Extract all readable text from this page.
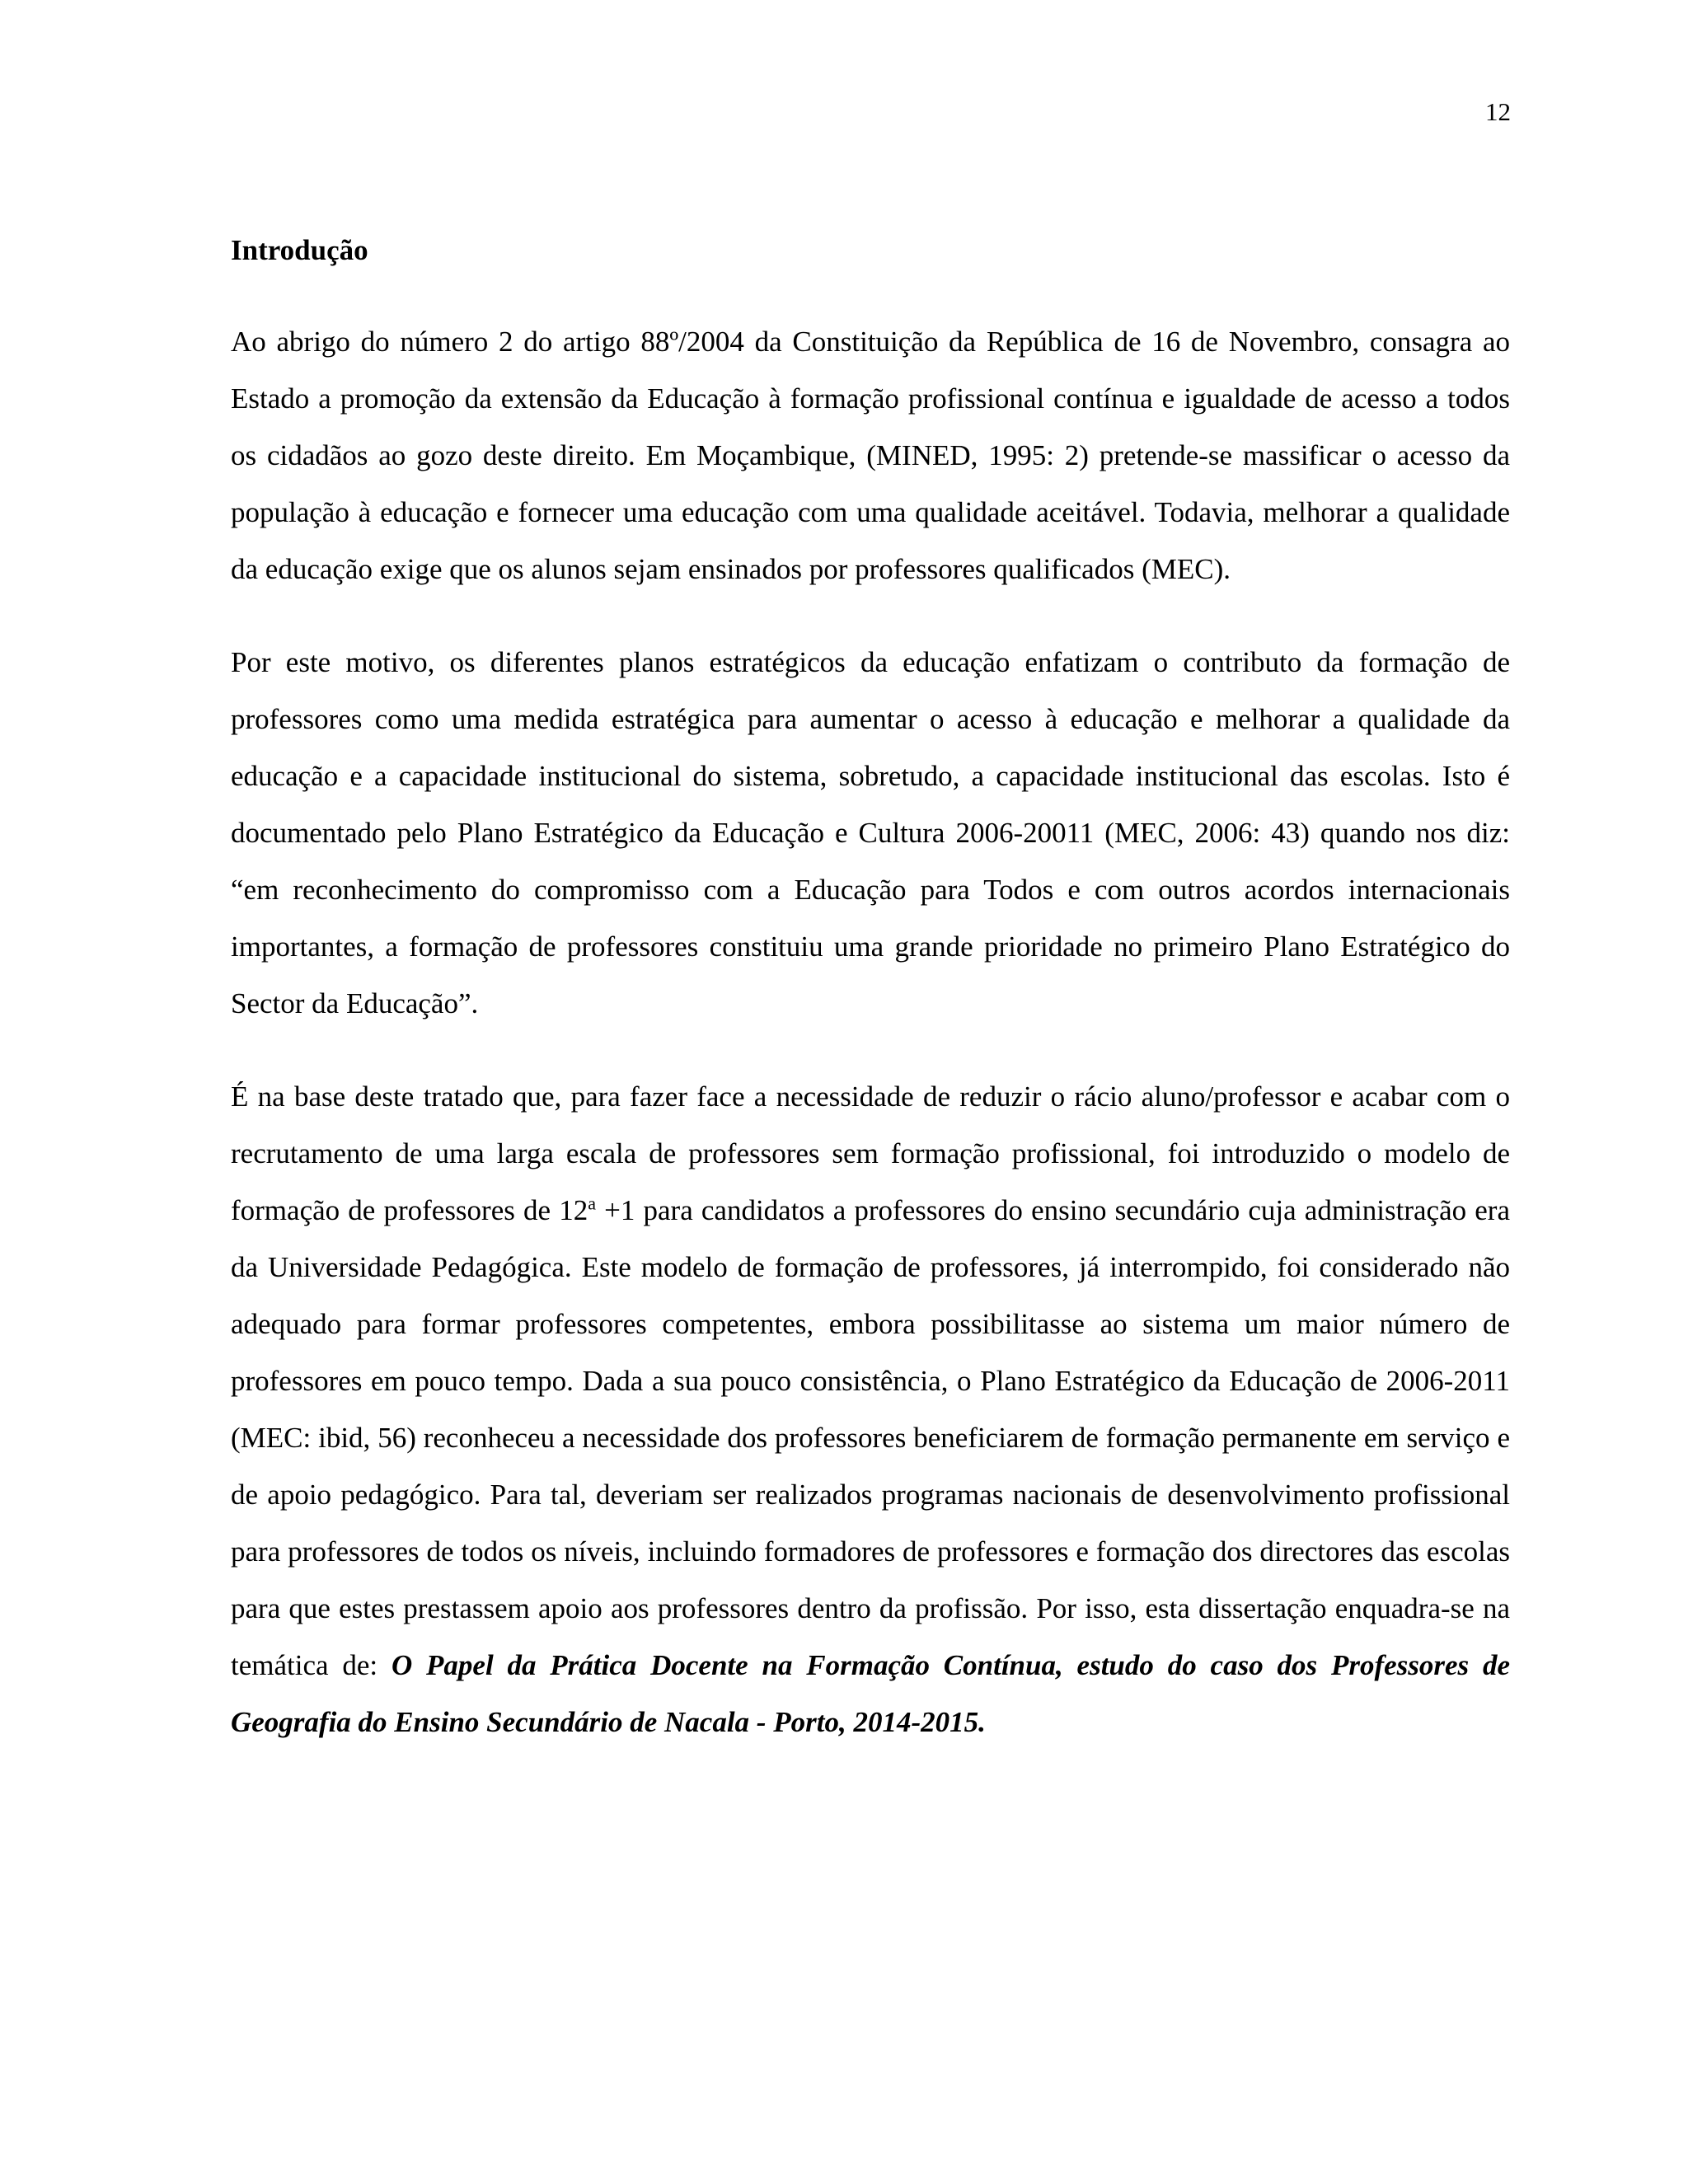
12
Introdução

Ao abrigo do número 2 do artigo 88º/2004 da Constituição da República de 16 de Novembro, consagra ao Estado a promoção da extensão da Educação à formação profissional contínua e igualdade de acesso a todos os cidadãos ao gozo deste direito. Em Moçambique, (MINED, 1995: 2) pretende-se massificar o acesso da população à educação e fornecer uma educação com uma qualidade aceitável. Todavia, melhorar a qualidade da educação exige que os alunos sejam ensinados por professores qualificados (MEC).

Por este motivo, os diferentes planos estratégicos da educação enfatizam o contributo da formação de professores como uma medida estratégica para aumentar o acesso à educação e melhorar a qualidade da educação e a capacidade institucional do sistema, sobretudo, a capacidade institucional das escolas. Isto é documentado pelo Plano Estratégico da Educação e Cultura 2006-20011 (MEC, 2006: 43) quando nos diz: “em reconhecimento do compromisso com a Educação para Todos e com outros acordos internacionais importantes, a formação de professores constituiu uma grande prioridade no primeiro Plano Estratégico do Sector da Educação”.

É na base deste tratado que, para fazer face a necessidade de reduzir o rácio aluno/professor e acabar com o recrutamento de uma larga escala de professores sem formação profissional, foi introduzido o modelo de formação de professores de $12^a +1$ para candidatos a professores do ensino secundário cuja administração era da Universidade Pedagógica. Este modelo de formação de professores, já interrompido, foi considerado não adequado para formar professores competentes, embora possibilitasse ao sistema um maior número de professores em pouco tempo. Dada a sua pouco consistência, o Plano Estratégico da Educação de 2006-2011 (MEC: ibid, 56) reconheceu a necessidade dos professores beneficiarem de formação permanente em serviço e de apoio pedagógico. Para tal, deveriam ser realizados programas nacionais de desenvolvimento profissional para professores de todos os níveis, incluindo formadores de professores e formação dos directores das escolas para que estes prestassem apoio aos professores dentro da profissão. Por isso, esta dissertação enquadra-se na temática de: O Papel da Prática Docente na Formação Contínua, estudo do caso dos Professores de Geografia do Ensino Secundário de Nacala - Porto, 2014-2015.
